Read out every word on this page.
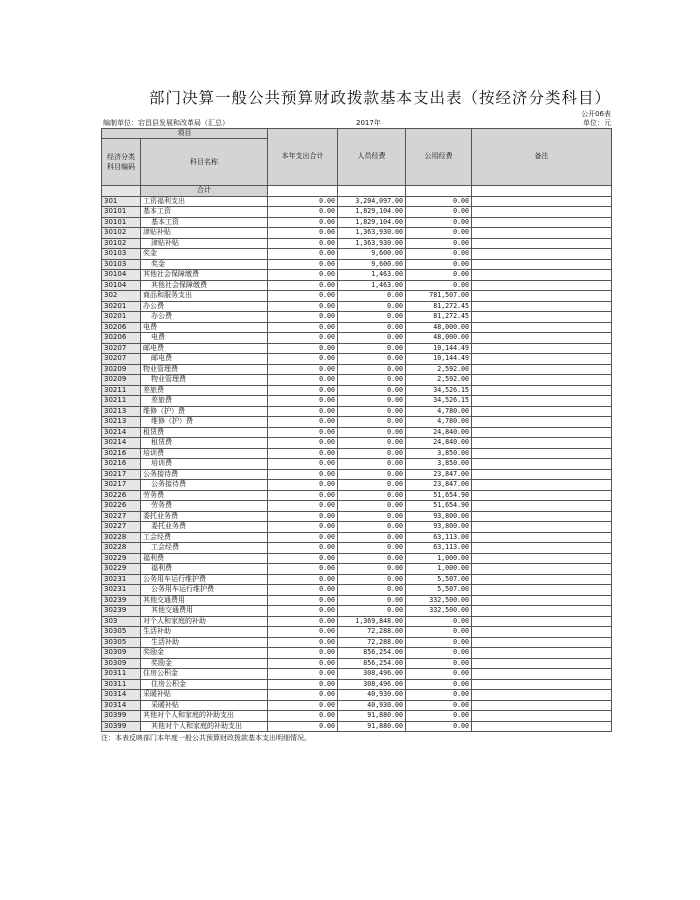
部门决算一般公共预算财政拨款基本支出表（按经济分类科目）
公开06表
编制单位：宕昌县发展和改革局（汇总）	2017年	单位：元
项目		本年支出合计	人员经费	公用经费	备注
经济分类
科目编码	科目名称				
	合计				
301	工资福利支出	0.00	3,204,097.00	0.00	
30101	基本工资	0.00	1,829,104.00	0.00	
30101	基本工资	0.00	1,829,104.00	0.00	
30102	津贴补贴	0.00	1,363,930.00	0.00	
30102	津贴补贴	0.00	1,363,930.00	0.00	
30103	奖金	0.00	9,600.00	0.00	
30103	奖金	0.00	9,600.00	0.00	
30104	其他社会保障缴费	0.00	1,463.00	0.00	
30104	其他社会保障缴费	0.00	1,463.00	0.00	
302	商品和服务支出	0.00	0.00	781,507.00	
30201	办公费	0.00	0.00	81,272.45	
30201	办公费	0.00	0.00	81,272.45	
30206	电费	0.00	0.00	48,000.00	
30206	电费	0.00	0.00	48,000.00	
30207	邮电费	0.00	0.00	10,144.49	
30207	邮电费	0.00	0.00	10,144.49	
30209	物业管理费	0.00	0.00	2,592.00	
30209	物业管理费	0.00	0.00	2,592.00	
30211	差旅费	0.00	0.00	34,526.15	
30211	差旅费	0.00	0.00	34,526.15	
30213	维修（护）费	0.00	0.00	4,780.00	
30213	维修（护）费	0.00	0.00	4,780.00	
30214	租赁费	0.00	0.00	24,840.00	
30214	租赁费	0.00	0.00	24,840.00	
30216	培训费	0.00	0.00	3,850.00	
30216	培训费	0.00	0.00	3,850.00	
30217	公务接待费	0.00	0.00	23,847.00	
30217	公务接待费	0.00	0.00	23,847.00	
30226	劳务费	0.00	0.00	51,654.90	
30226	劳务费	0.00	0.00	51,654.90	
30227	委托业务费	0.00	0.00	93,800.00	
30227	委托业务费	0.00	0.00	93,800.00	
30228	工会经费	0.00	0.00	63,113.00	
30228	工会经费	0.00	0.00	63,113.00	
30229	福利费	0.00	0.00	1,000.00	
30229	福利费	0.00	0.00	1,000.00	
30231	公务用车运行维护费	0.00	0.00	5,507.00	
30231	公务用车运行维护费	0.00	0.00	5,507.00	
30239	其他交通费用	0.00	0.00	332,500.00	
30239	其他交通费用	0.00	0.00	332,500.00	
303	对个人和家庭的补助	0.00	1,369,848.00	0.00	
30305	生活补助	0.00	72,288.00	0.00	
30305	生活补助	0.00	72,288.00	0.00	
30309	奖励金	0.00	856,254.00	0.00	
30309	奖励金	0.00	856,254.00	0.00	
30311	住房公积金	0.00	308,496.00	0.00	
30311	住房公积金	0.00	308,496.00	0.00	
30314	采暖补贴	0.00	40,930.00	0.00	
30314	采暖补贴	0.00	40,930.00	0.00	
30399	其他对个人和家庭的补助支出	0.00	91,880.00	0.00	
30399	其他对个人和家庭的补助支出	0.00	91,880.00	0.00	
注：本表反映部门本年度一般公共预算财政拨款基本支出明细情况。
